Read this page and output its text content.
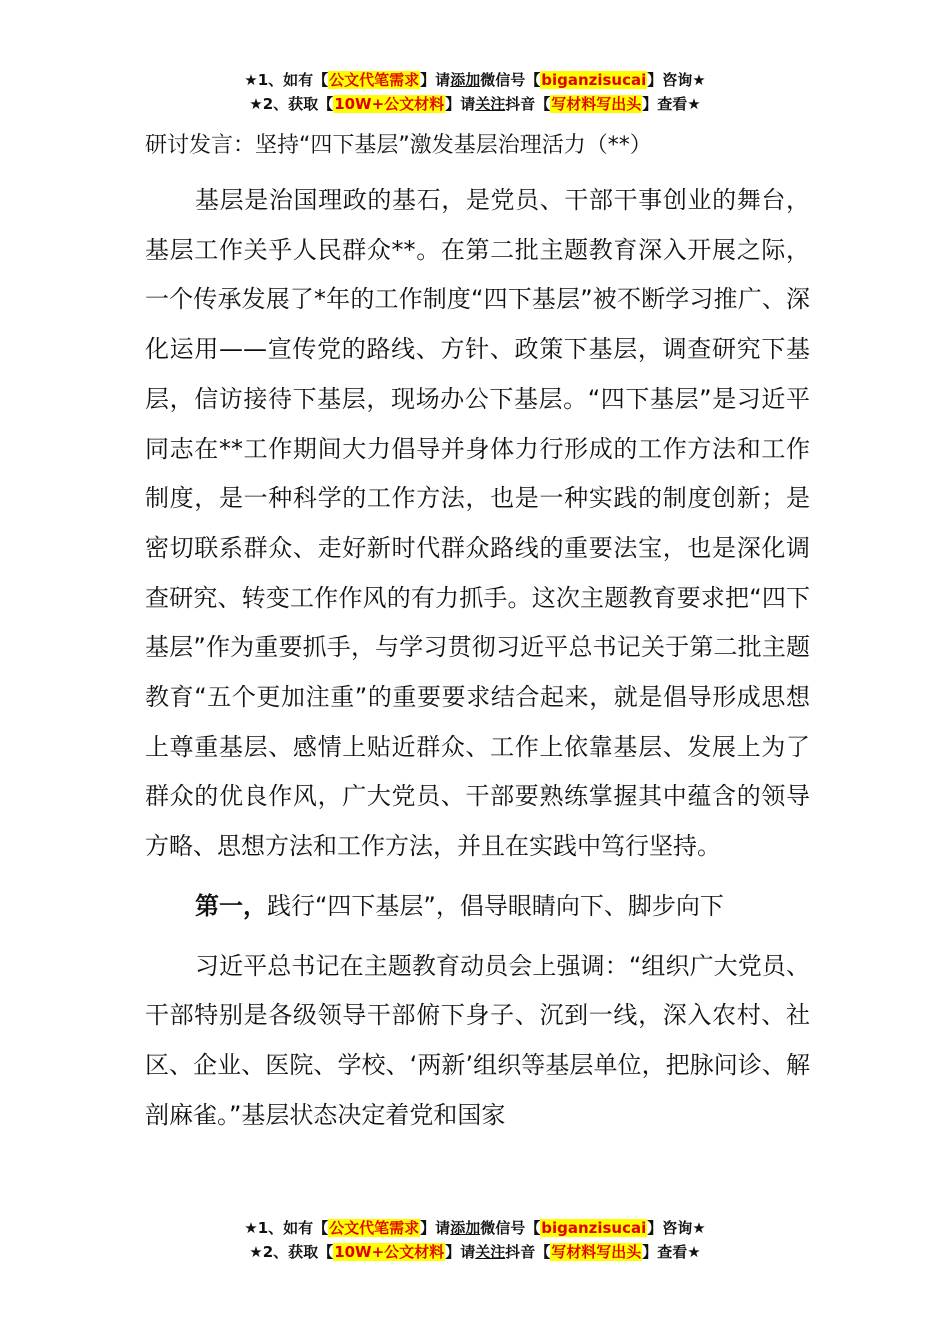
★1、如有【公文代笔需求】请添加微信号【biganzisucai】咨询★
★2、获取【10W+公文材料】请关注抖音【写材料写出头】查看★

研讨发言：坚持“四下基层”激发基层治理活力（**）

基层是治国理政的基石，是党员、干部干事创业的舞台，基层工作关乎人民群众**。在第二批主题教育深入开展之际，一个传承发展了*年的工作制度“四下基层”被不断学习推广、深化运用——宣传党的路线、方针、政策下基层，调查研究下基层，信访接待下基层，现场办公下基层。“四下基层”是习近平同志在**工作期间大力倡导并身体力行形成的工作方法和工作制度，是一种科学的工作方法，也是一种实践的制度创新；是密切联系群众、走好新时代群众路线的重要法宝，也是深化调查研究、转变工作作风的有力抓手。这次主题教育要求把“四下基层”作为重要抓手，与学习贯彻习近平总书记关于第二批主题教育“五个更加注重”的重要要求结合起来，就是倡导形成思想上尊重基层、感情上贴近群众、工作上依靠基层、发展上为了群众的优良作风，广大党员、干部要熟练掌握其中蕴含的领导方略、思想方法和工作方法，并且在实践中笃行坚持。

第一，践行“四下基层”，倡导眼睛向下、脚步向下

习近平总书记在主题教育动员会上强调：“组织广大党员、干部特别是各级领导干部俯下身子、沉到一线，深入农村、社区、企业、医院、学校、‘两新’组织等基层单位，把脉问诊、解剖麻雀。”基层状态决定着党和国家

★1、如有【公文代笔需求】请添加微信号【biganzisucai】咨询★
★2、获取【10W+公文材料】请关注抖音【写材料写出头】查看★
